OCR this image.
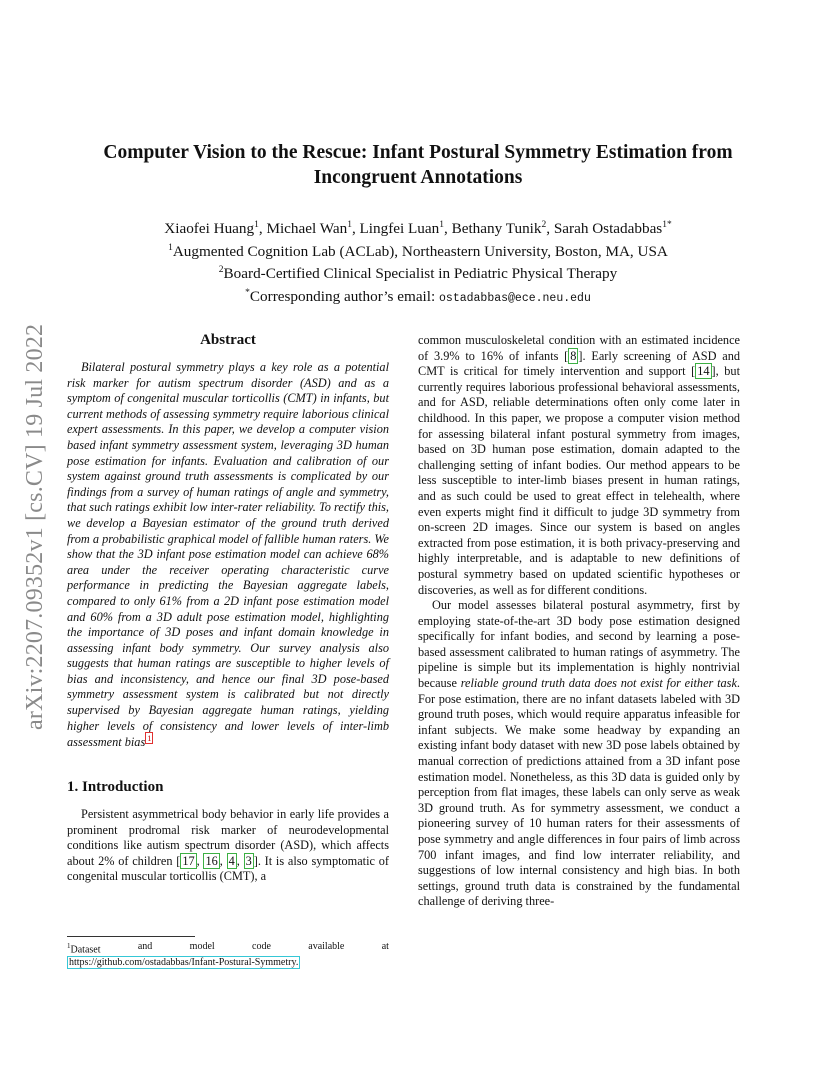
arXiv:2207.09352v1 [cs.CV] 19 Jul 2022
Computer Vision to the Rescue: Infant Postural Symmetry Estimation from Incongruent Annotations
Xiaofei Huang$^1$, Michael Wan$^1$, Lingfei Luan$^1$, Bethany Tunik$^2$, Sarah Ostadabbas$^{1*}$
$^1$Augmented Cognition Lab (ACLab), Northeastern University, Boston, MA, USA
$^2$Board-Certified Clinical Specialist in Pediatric Physical Therapy
*Corresponding author’s email: ostadabbas@ece.neu.edu
Abstract

Bilateral postural symmetry plays a key role as a potential risk marker for autism spectrum disorder (ASD) and as a symptom of congenital muscular torticollis (CMT) in infants, but current methods of assessing symmetry require laborious clinical expert assessments. In this paper, we develop a computer vision based infant symmetry assessment system, leveraging 3D human pose estimation for infants. Evaluation and calibration of our system against ground truth assessments is complicated by our findings from a survey of human ratings of angle and symmetry, that such ratings exhibit low inter-rater reliability. To rectify this, we develop a Bayesian estimator of the ground truth derived from a probabilistic graphical model of fallible human raters. We show that the 3D infant pose estimation model can achieve 68% area under the receiver operating characteristic curve performance in predicting the Bayesian aggregate labels, compared to only 61% from a 2D infant pose estimation model and 60% from a 3D adult pose estimation model, highlighting the importance of 3D poses and infant domain knowledge in assessing infant body symmetry. Our survey analysis also suggests that human ratings are susceptible to higher levels of bias and inconsistency, and hence our final 3D pose-based symmetry assessment system is calibrated but not directly supervised by Bayesian aggregate human ratings, yielding higher levels of consistency and lower levels of inter-limb assessment bias $^1$

1. Introduction

Persistent asymmetrical body behavior in early life provides a prominent prodromal risk marker of neurodevelopmental conditions like autism spectrum disorder (ASD), which affects about 2% of children [ 17 , 16 , 4 , 3 ]. It is also symptomatic of congenital muscular torticollis (CMT), a

$^1$Dataset	and	model	code	available	at
https://github.com/ostadabbas/Infant-Postural-Symmetry.

common musculoskeletal condition with an estimated incidence of 3.9% to 16% of infants [ 8 ]. Early screening of ASD and CMT is critical for timely intervention and support [ 14 ], but currently requires laborious professional behavioral assessments, and for ASD, reliable determinations often only come later in childhood. In this paper, we propose a computer vision method for assessing bilateral infant postural symmetry from images, based on 3D human pose estimation, domain adapted to the challenging setting of infant bodies. Our method appears to be less susceptible to inter-limb biases present in human ratings, and as such could be used to great effect in telehealth, where even experts might find it difficult to judge 3D symmetry from on-screen 2D images. Since our system is based on angles extracted from pose estimation, it is both privacy-preserving and highly interpretable, and is adaptable to new definitions of postural symmetry based on updated scientific hypotheses or discoveries, as well as for different conditions.

Our model assesses bilateral postural asymmetry, first by employing state-of-the-art 3D body pose estimation designed specifically for infant bodies, and second by learning a pose-based assessment calibrated to human ratings of asymmetry. The pipeline is simple but its implementation is highly nontrivial because reliable ground truth data does not exist for either task. For pose estimation, there are no infant datasets labeled with 3D ground truth poses, which would require apparatus infeasible for infant subjects. We make some headway by expanding an existing infant body dataset with new 3D pose labels obtained by manual correction of predictions attained from a 3D infant pose estimation model. Nonetheless, as this 3D data is guided only by perception from flat images, these labels can only serve as weak 3D ground truth. As for symmetry assessment, we conduct a pioneering survey of 10 human raters for their assessments of pose symmetry and angle differences in four pairs of limb across 700 infant images, and find low interrater reliability, and suggestions of low internal consistency and high bias. In both settings, ground truth data is constrained by the fundamental challenge of deriving three-
